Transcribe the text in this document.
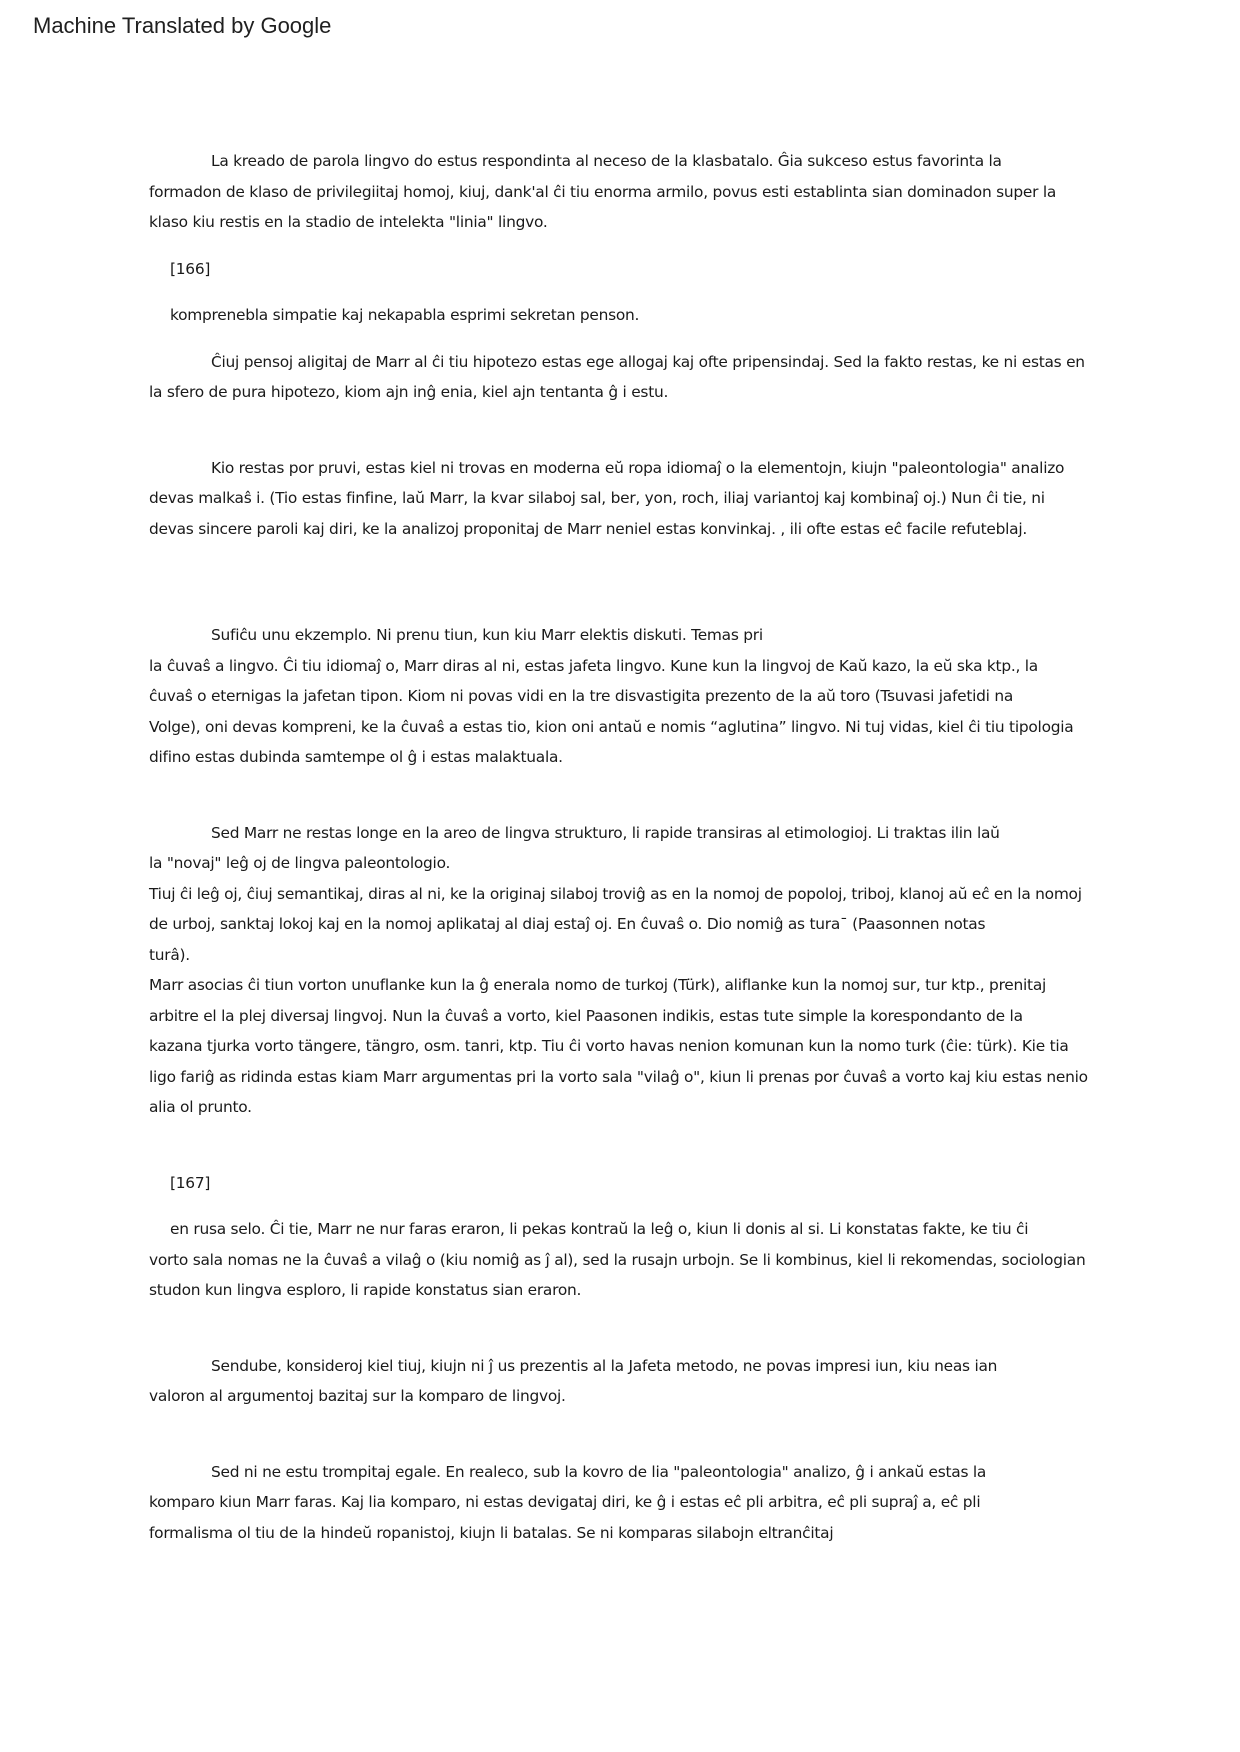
Machine Translated by Google
La kreado de parola lingvo do estus respondinta al neceso de la klasbatalo. Ĝia sukceso estus favorinta la
formadon de klaso de privilegiitaj homoj, kiuj, dank'al ĉi tiu enorma armilo, povus esti establinta sian dominadon super la
klaso kiu restis en la stadio de intelekta "linia" lingvo.
[166]
komprenebla simpatie kaj nekapabla esprimi sekretan penson.
Ĉiuj pensoj aligitaj de Marr al ĉi tiu hipotezo estas ege allogaj kaj ofte pripensindaj. Sed la fakto restas, ke ni estas en
la sfero de pura hipotezo, kiom ajn inĝ enia, kiel ajn tentanta ĝ i estu.
Kio restas por pruvi, estas kiel ni trovas en moderna eŭ ropa idiomaĵ o la elementojn, kiujn "paleontologia" analizo
devas malkaŝ i. (Tio estas finfine, laŭ Marr, la kvar silaboj sal, ber, yon, roch, iliaj variantoj kaj kombinaĵ oj.) Nun ĉi tie, ni
devas sincere paroli kaj diri, ke la analizoj proponitaj de Marr neniel estas konvinkaj. , ili ofte estas eĉ facile refuteblaj.
Sufiĉu unu ekzemplo. Ni prenu tiun, kun kiu Marr elektis diskuti. Temas pri
la ĉuvaŝ a lingvo. Ĉi tiu idiomaĵ o, Marr diras al ni, estas jafeta lingvo. Kune kun la lingvoj de Kaŭ kazo, la eŭ ska ktp., la
ĉuvaŝ o eternigas la jafetan tipon. Kiom ni povas vidi en la tre disvastigita prezento de la aŭ toro (Tsuvasi jafetidi na
Volge), oni devas kompreni, ke la ĉuvaŝ a estas tio, kion oni antaŭ e nomis “aglutina” lingvo. Ni tuj vidas, kiel ĉi tiu tipologia
difino estas dubinda samtempe ol ĝ i estas malaktuala.
Sed Marr ne restas longe en la areo de lingva strukturo, li rapide transiras al etimologioj. Li traktas ilin laŭ
la "novaj" leĝ oj de lingva paleontologio.
Tiuj ĉi leĝ oj, ĉiuj semantikaj, diras al ni, ke la originaj silaboj troviĝ as en la nomoj de popoloj, triboj, klanoj aŭ eĉ en la nomoj
de urboj, sanktaj lokoj kaj en la nomoj aplikataj al diaj estaĵ oj. En ĉuvaŝ o. Dio nomiĝ as tura¯ (Paasonnen notas
turâ).
Marr asocias ĉi tiun vorton unuflanke kun la ĝ enerala nomo de turkoj (Türk), aliflanke kun la nomoj sur, tur ktp., prenitaj
arbitre el la plej diversaj lingvoj. Nun la ĉuvaŝ a vorto, kiel Paasonen indikis, estas tute simple la korespondanto de la
kazana tjurka vorto tängere, tängro, osm. tanri, ktp. Tiu ĉi vorto havas nenion komunan kun la nomo turk (ĉie: türk). Kie tia
ligo fariĝ as ridinda estas kiam Marr argumentas pri la vorto sala "vilaĝ o", kiun li prenas por ĉuvaŝ a vorto kaj kiu estas nenio
alia ol prunto.
[167]
en rusa selo. Ĉi tie, Marr ne nur faras eraron, li pekas kontraŭ la leĝ o, kiun li donis al si. Li konstatas fakte, ke tiu ĉi
vorto sala nomas ne la ĉuvaŝ a vilaĝ o (kiu nomiĝ as ĵ al), sed la rusajn urbojn. Se li kombinus, kiel li rekomendas, sociologian
studon kun lingva esploro, li rapide konstatus sian eraron.
Sendube, konsideroj kiel tiuj, kiujn ni ĵ us prezentis al la Jafeta metodo, ne povas impresi iun, kiu neas ian
valoron al argumentoj bazitaj sur la komparo de lingvoj.
Sed ni ne estu trompitaj egale. En realeco, sub la kovro de lia "paleontologia" analizo, ĝ i ankaŭ estas la
komparo kiun Marr faras. Kaj lia komparo, ni estas devigataj diri, ke ĝ i estas eĉ pli arbitra, eĉ pli supraĵ a, eĉ pli
formalisma ol tiu de la hindeŭ ropanistoj, kiujn li batalas. Se ni komparas silabojn eltranĉitaj
